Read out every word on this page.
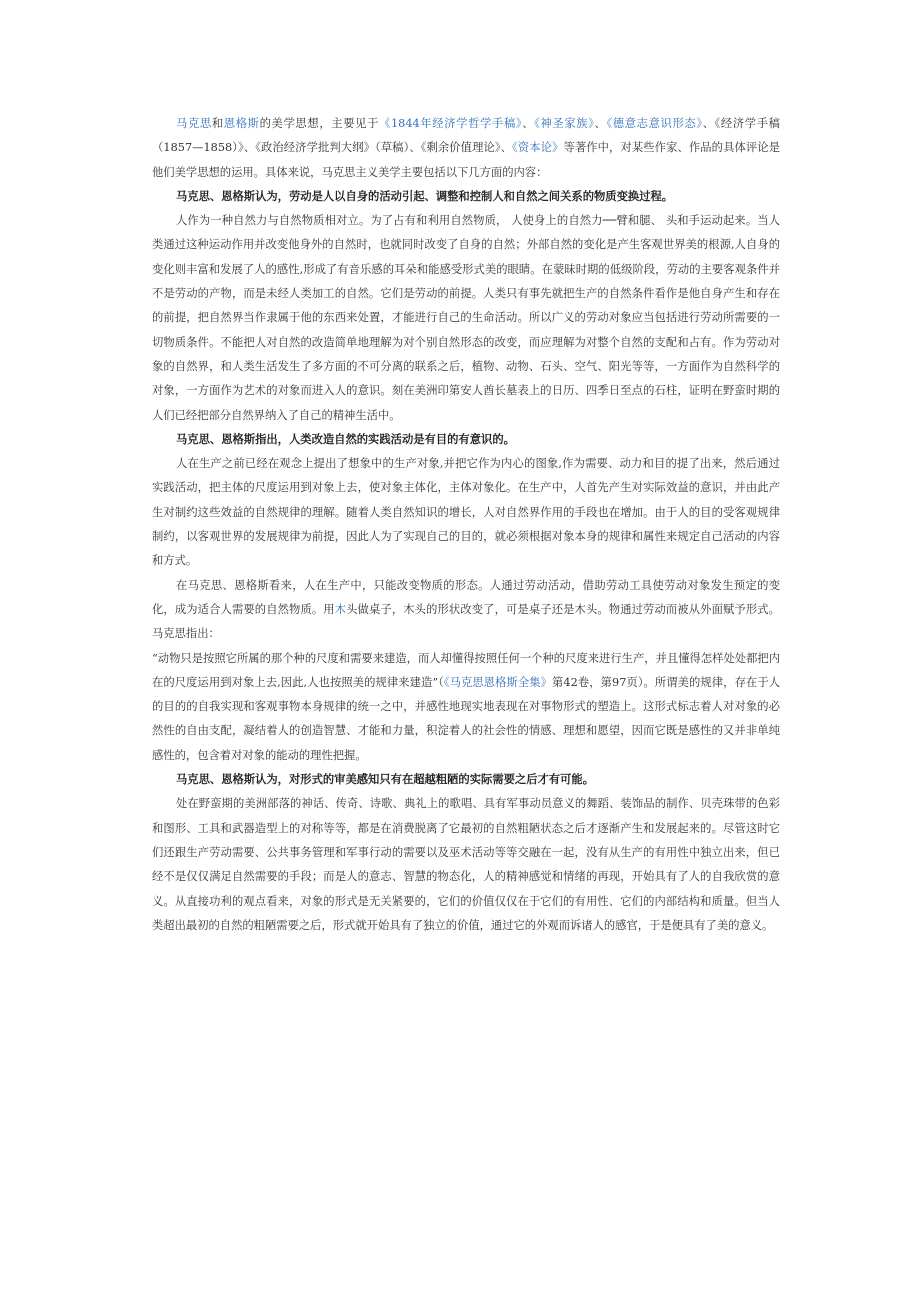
马克思和恩格斯的美学思想，主要见于《1844年经济学哲学手稿》、《神圣家族》、《德意志意识形态》、《经济学手稿（1857—1858）》、《政治经济学批判大纲》（草稿）、《剩余价值理论》、《资本论》等著作中，对某些作家、作品的具体评论是他们美学思想的运用。具体来说，马克思主义美学主要包括以下几方面的内容：

马克思、恩格斯认为，劳动是人以自身的活动引起、调整和控制人和自然之间关系的物质变换过程。

人作为一种自然力与自然物质相对立。为了占有和利用自然物质， 人使身上的自然力──臂和腿、 头和手运动起来。当人类通过这种运动作用并改变他身外的自然时，也就同时改变了自身的自然；外部自然的变化是产生客观世界美的根源,人自身的变化则丰富和发展了人的感性,形成了有音乐感的耳朵和能感受形式美的眼睛。在蒙昧时期的低级阶段，劳动的主要客观条件并不是劳动的产物，而是未经人类加工的自然。它们是劳动的前提。人类只有事先就把生产的自然条件看作是他自身产生和存在的前提，把自然界当作隶属于他的东西来处置，才能进行自己的生命活动。所以广义的劳动对象应当包括进行劳动所需要的一切物质条件。不能把人对自然的改造简单地理解为对个别自然形态的改变，而应理解为对整个自然的支配和占有。作为劳动对象的自然界，和人类生活发生了多方面的不可分离的联系之后，植物、动物、石头、空气、阳光等等，一方面作为自然科学的对象，一方面作为艺术的对象而进入人的意识。刻在美洲印第安人酋长墓表上的日历、四季日至点的石柱，证明在野蛮时期的人们已经把部分自然界纳入了自己的精神生活中。

马克思、恩格斯指出，人类改造自然的实践活动是有目的有意识的。

人在生产之前已经在观念上提出了想象中的生产对象,并把它作为内心的图象,作为需要、动力和目的提了出来，然后通过实践活动，把主体的尺度运用到对象上去，使对象主体化，主体对象化。在生产中，人首先产生对实际效益的意识，并由此产生对制约这些效益的自然规律的理解。随着人类自然知识的增长，人对自然界作用的手段也在增加。由于人的目的受客观规律制约，以客观世界的发展规律为前提，因此人为了实现自己的目的，就必须根据对象本身的规律和属性来规定自己活动的内容和方式。

在马克思、恩格斯看来，人在生产中，只能改变物质的形态。人通过劳动活动，借助劳动工具使劳动对象发生预定的变化，成为适合人需要的自然物质。用木头做桌子，木头的形状改变了，可是桌子还是木头。物通过劳动而被从外面赋予形式。马克思指出：

“动物只是按照它所属的那个种的尺度和需要来建造，而人却懂得按照任何一个种的尺度来进行生产，并且懂得怎样处处都把内在的尺度运用到对象上去,因此,人也按照美的规律来建造”（《马克思恩格斯全集》第42卷，第97页）。所谓美的规律，存在于人的目的的自我实现和客观事物本身规律的统一之中，并感性地现实地表现在对事物形式的塑造上。这形式标志着人对对象的必然性的自由支配，凝结着人的创造智慧、才能和力量，积淀着人的社会性的情感、理想和愿望，因而它既是感性的又并非单纯感性的，包含着对对象的能动的理性把握。

马克思、恩格斯认为，对形式的审美感知只有在超越粗陋的实际需要之后才有可能。

处在野蛮期的美洲部落的神话、传奇、诗歌、典礼上的歌唱、具有军事动员意义的舞蹈、装饰品的制作、贝壳珠带的色彩和图形、工具和武器造型上的对称等等，都是在消费脱离了它最初的自然粗陋状态之后才逐渐产生和发展起来的。尽管这时它们还跟生产劳动需要、公共事务管理和军事行动的需要以及巫术活动等等交融在一起，没有从生产的有用性中独立出来，但已经不是仅仅满足自然需要的手段；而是人的意志、智慧的物态化，人的精神感觉和情绪的再现，开始具有了人的自我欣赏的意义。从直接功利的观点看来，对象的形式是无关紧要的，它们的价值仅仅在于它们的有用性、它们的内部结构和质量。但当人类超出最初的自然的粗陋需要之后，形式就开始具有了独立的价值，通过它的外观而诉诸人的感官，于是便具有了美的意义。
